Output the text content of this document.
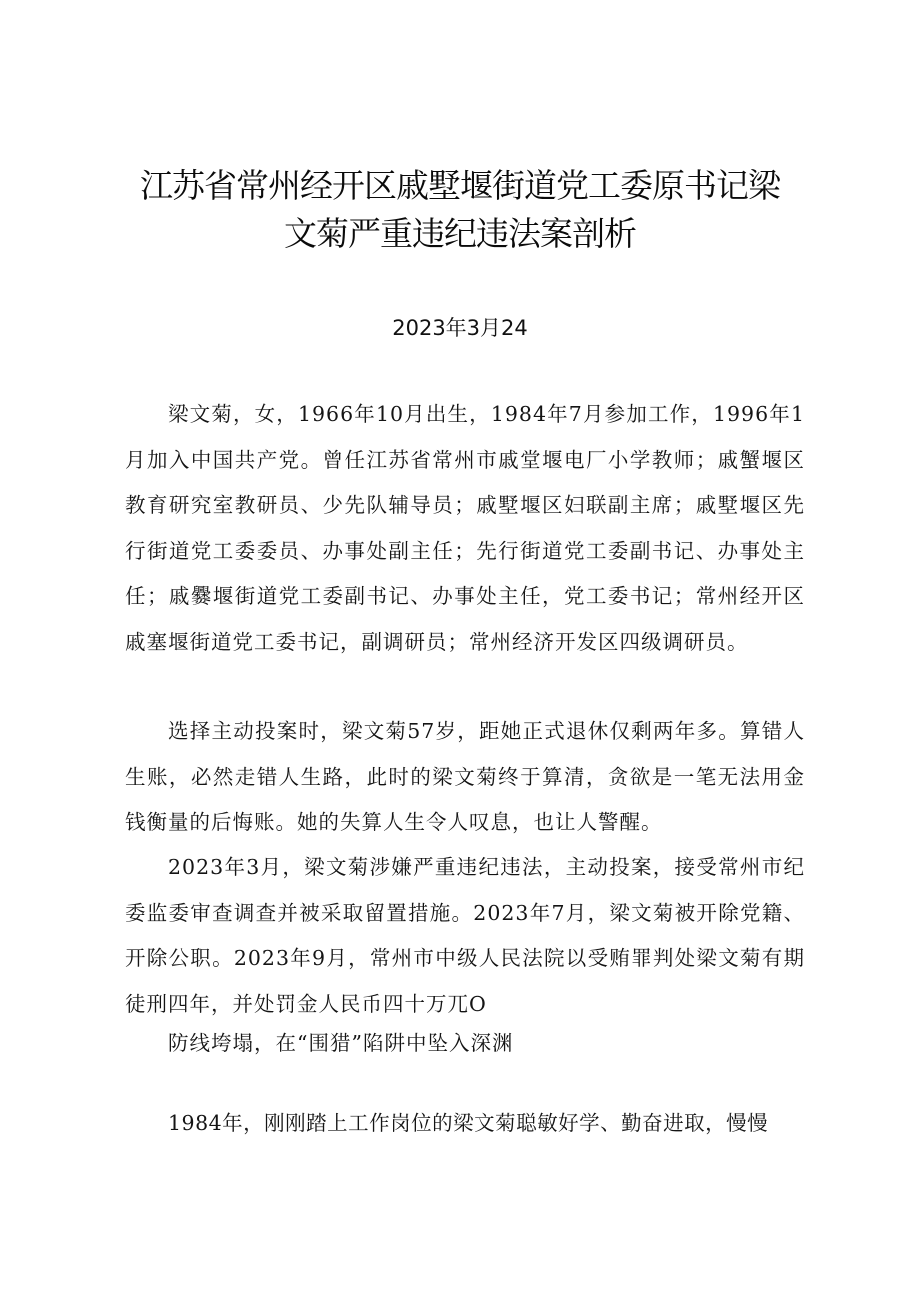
江苏省常州经开区戚墅堰街道党工委原书记梁
文菊严重违纪违法案剖析
2023年3月24

梁文菊，女，1966年10月出生，1984年7月参加工作，1996年1月加入中国共产党。曾任江苏省常州市戚堂堰电厂小学教师；戚蟹堰区教育研究室教研员、少先队辅导员；戚墅堰区妇联副主席；戚墅堰区先行街道党工委委员、办事处副主任；先行街道党工委副书记、办事处主任；戚爨堰街道党工委副书记、办事处主任，党工委书记；常州经开区戚塞堰街道党工委书记，副调研员；常州经济开发区四级调研员。

选择主动投案时，梁文菊57岁，距她正式退休仅剩两年多。算错人生账，必然走错人生路，此时的梁文菊终于算清，贪欲是一笔无法用金钱衡量的后悔账。她的失算人生令人叹息，也让人警醒。

2023年3月，梁文菊涉嫌严重违纪违法，主动投案，接受常州市纪委监委审查调查并被采取留置措施。2023年7月，梁文菊被开除党籍、开除公职。2023年9月，常州市中级人民法院以受贿罪判处梁文菊有期徒刑四年，并处罚金人民币四十万兀O

防线垮塌，在“围猎”陷阱中坠入深渊

1984年，刚刚踏上工作岗位的梁文菊聪敏好学、勤奋进取，慢慢
